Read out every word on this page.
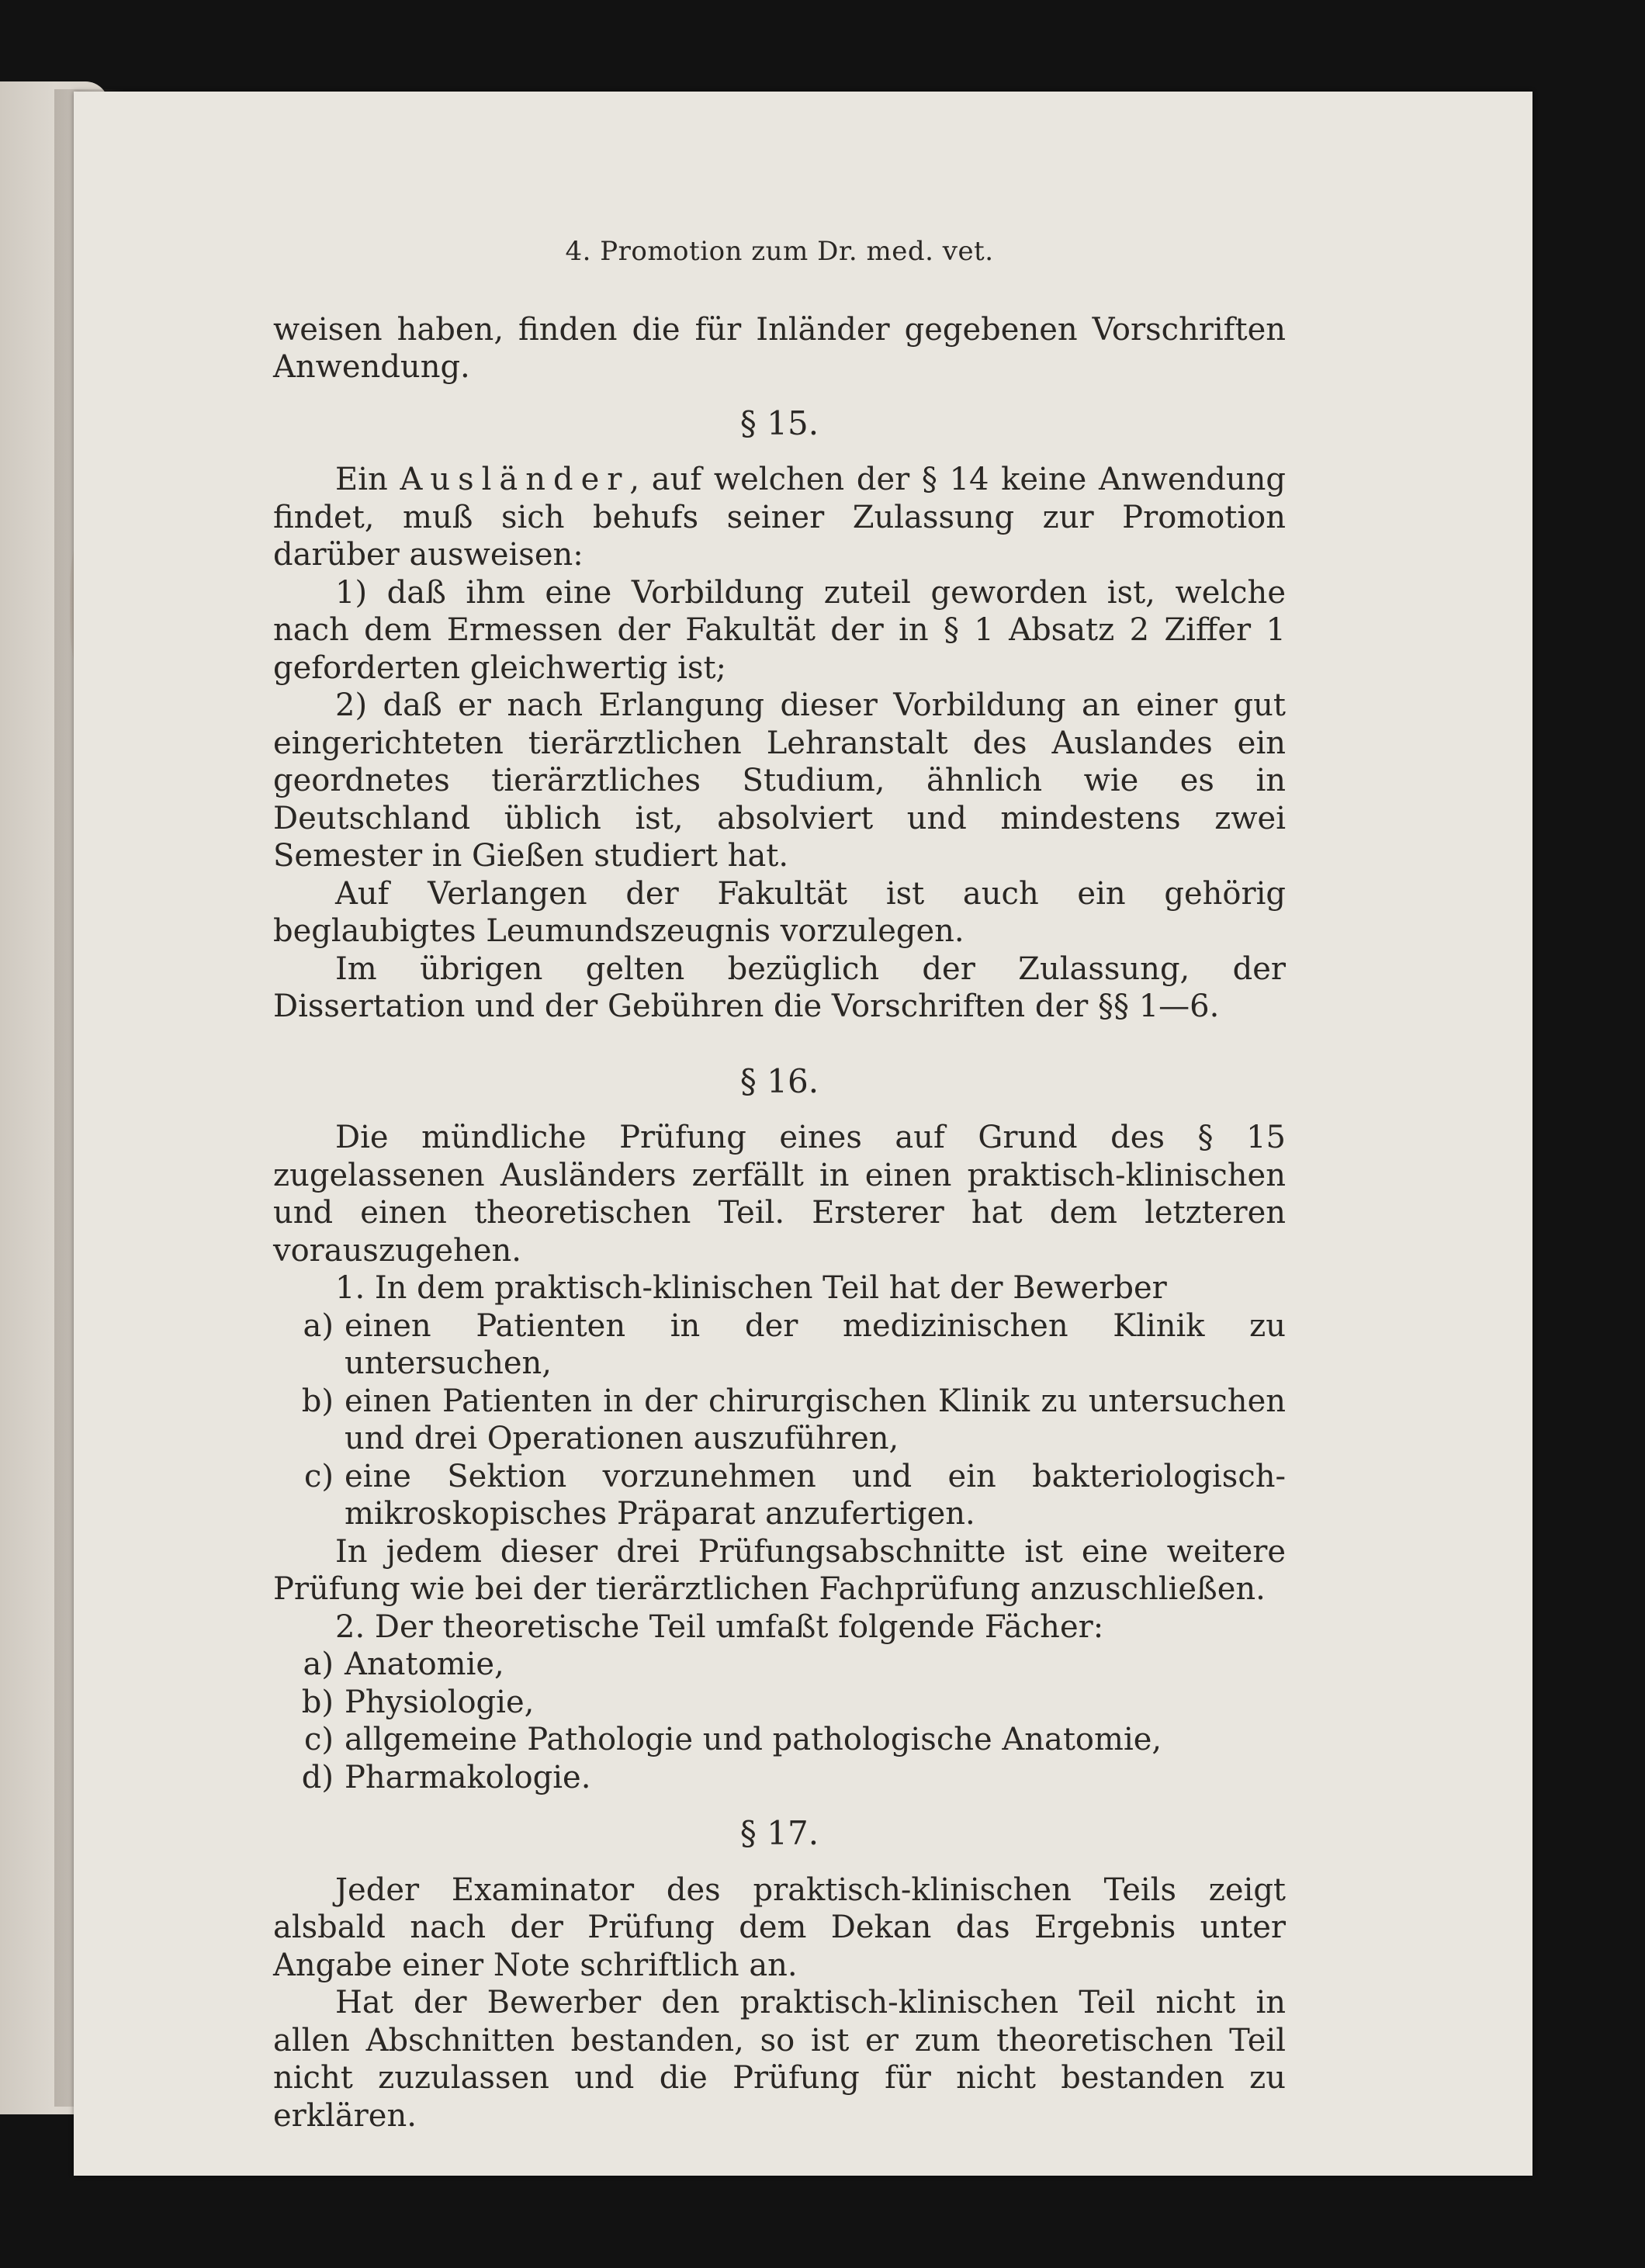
4. Promotion zum Dr. med. vet.

weisen haben, finden die für Inländer gegebenen Vorschriften Anwendung.

§ 15.

Ein Ausländer, auf welchen der § 14 keine Anwendung findet, muß sich behufs seiner Zulassung zur Promotion darüber ausweisen:

1) daß ihm eine Vorbildung zuteil geworden ist, welche nach dem Ermessen der Fakultät der in § 1 Absatz 2 Ziffer 1 geforderten gleichwertig ist;

2) daß er nach Erlangung dieser Vorbildung an einer gut eingerichteten tierärztlichen Lehranstalt des Auslandes ein geordnetes tierärztliches Studium, ähnlich wie es in Deutschland üblich ist, absolviert und mindestens zwei Semester in Gießen studiert hat.

Auf Verlangen der Fakultät ist auch ein gehörig beglaubigtes Leumundszeugnis vorzulegen.

Im übrigen gelten bezüglich der Zulassung, der Dissertation und der Gebühren die Vorschriften der §§ 1—6.

§ 16.

Die mündliche Prüfung eines auf Grund des § 15 zugelassenen Ausländers zerfällt in einen praktisch-klinischen und einen theoretischen Teil. Ersterer hat dem letzteren vorauszugehen.

1. In dem praktisch-klinischen Teil hat der Bewerber

a) einen Patienten in der medizinischen Klinik zu untersuchen,
b) einen Patienten in der chirurgischen Klinik zu untersuchen und drei Operationen auszuführen,
c) eine Sektion vorzunehmen und ein bakteriologisch-mikroskopisches Präparat anzufertigen.

In jedem dieser drei Prüfungsabschnitte ist eine weitere Prüfung wie bei der tierärztlichen Fachprüfung anzuschließen.

2. Der theoretische Teil umfaßt folgende Fächer:

a) Anatomie,
b) Physiologie,
c) allgemeine Pathologie und pathologische Anatomie,
d) Pharmakologie.
§ 17.

Jeder Examinator des praktisch-klinischen Teils zeigt alsbald nach der Prüfung dem Dekan das Ergebnis unter Angabe einer Note schriftlich an.

Hat der Bewerber den praktisch-klinischen Teil nicht in allen Abschnitten bestanden, so ist er zum theoretischen Teil nicht zuzulassen und die Prüfung für nicht bestanden zu erklären.
